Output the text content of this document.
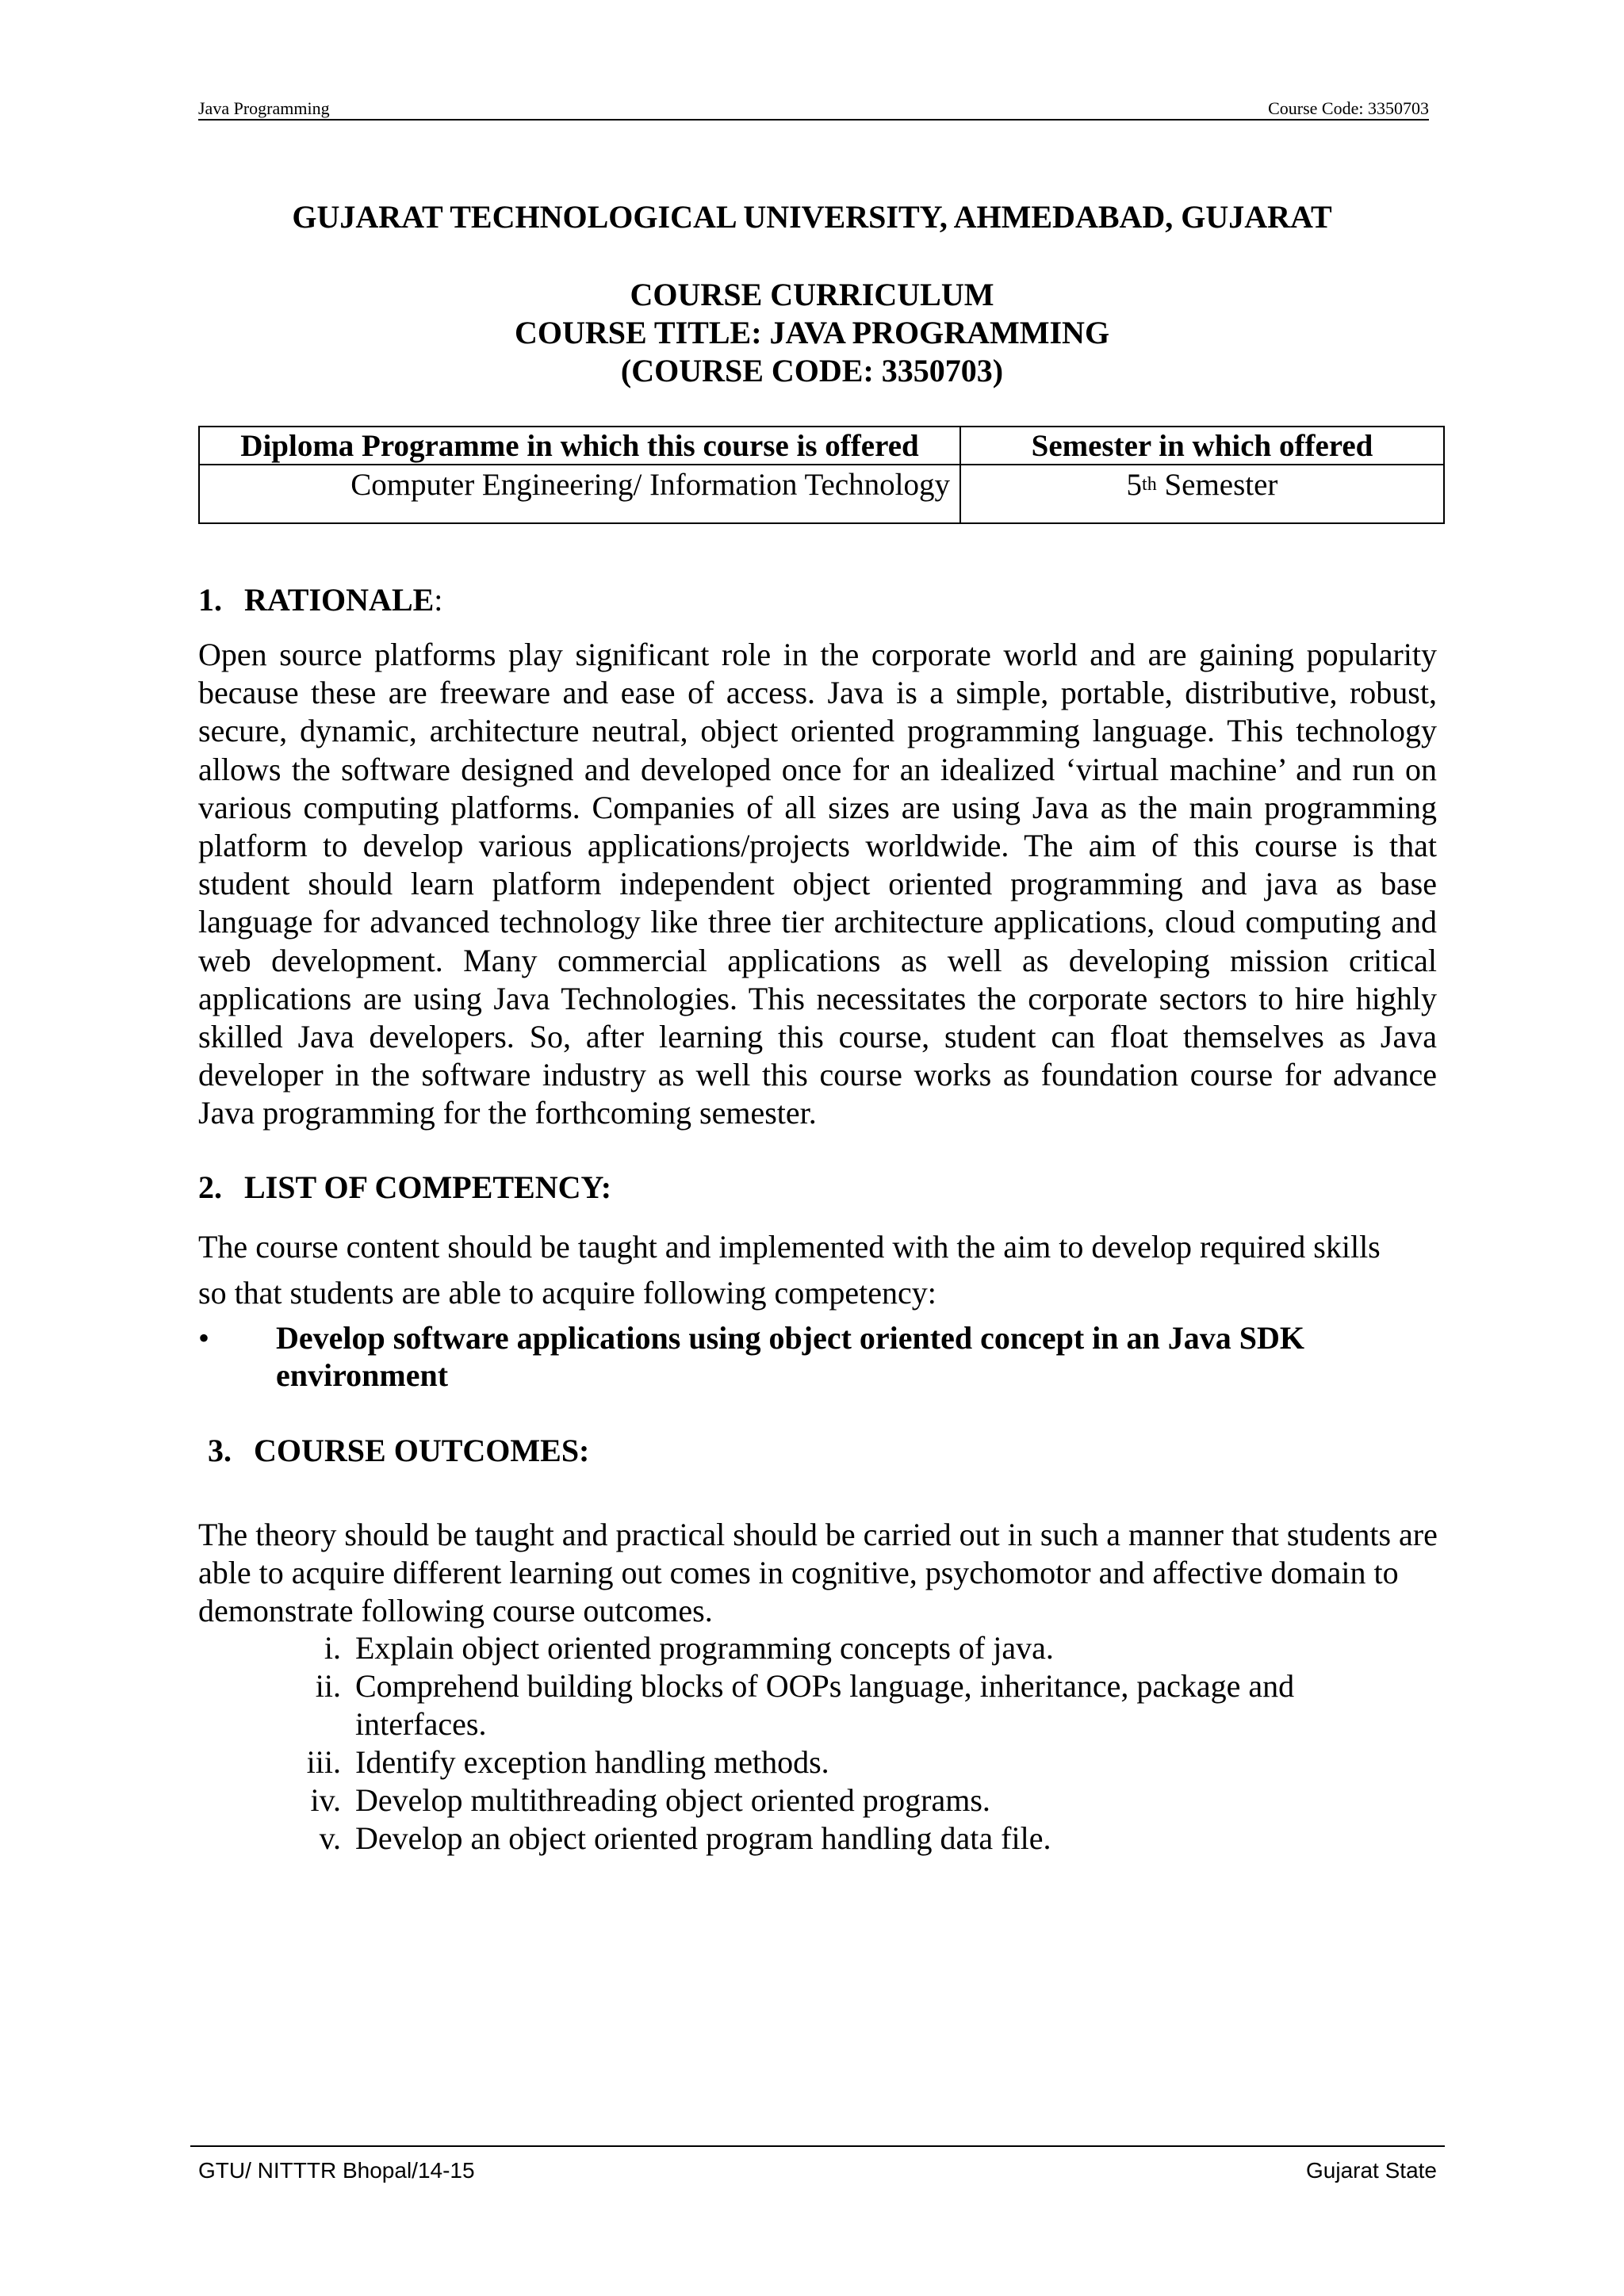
Java Programming	Course Code: 3350703
GUJARAT TECHNOLOGICAL UNIVERSITY, AHMEDABAD, GUJARAT
COURSE CURRICULUM
COURSE TITLE: JAVA PROGRAMMING
(COURSE CODE: 3350703)
Diploma Programme in which this course is offered	Semester in which offered
Computer Engineering/ Information Technology	5th Semester
1. RATIONALE:
Open source platforms play significant role in the corporate world and are gaining popularity because these are freeware and ease of access. Java is a simple, portable, distributive, robust, secure, dynamic, architecture neutral, object oriented programming language. This technology allows the software designed and developed once for an idealized ‘virtual machine’ and run on various computing platforms. Companies of all sizes are using Java as the main programming platform to develop various applications/projects worldwide. The aim of this course is that student should learn platform independent object oriented programming and java as base language for advanced technology like three tier architecture applications, cloud computing and web development. Many commercial applications as well as developing mission critical applications are using Java Technologies. This necessitates the corporate sectors to hire highly skilled Java developers. So, after learning this course, student can float themselves as Java developer in the software industry as well this course works as foundation course for advance Java programming for the forthcoming semester.
2. LIST OF COMPETENCY:
The course content should be taught and implemented with the aim to develop required skills
so that students are able to acquire following competency:
• Develop software applications using object oriented concept in an Java SDK environment
3. COURSE OUTCOMES:
The theory should be taught and practical should be carried out in such a manner that students are able to acquire different learning out comes in cognitive, psychomotor and affective domain to demonstrate following course outcomes.
i. Explain object oriented programming concepts of java.
ii. Comprehend building blocks of OOPs language, inheritance, package and interfaces.
iii. Identify exception handling methods.
iv. Develop multithreading object oriented programs.
v. Develop an object oriented program handling data file.
GTU/ NITTTR Bhopal/14-15	Gujarat State
